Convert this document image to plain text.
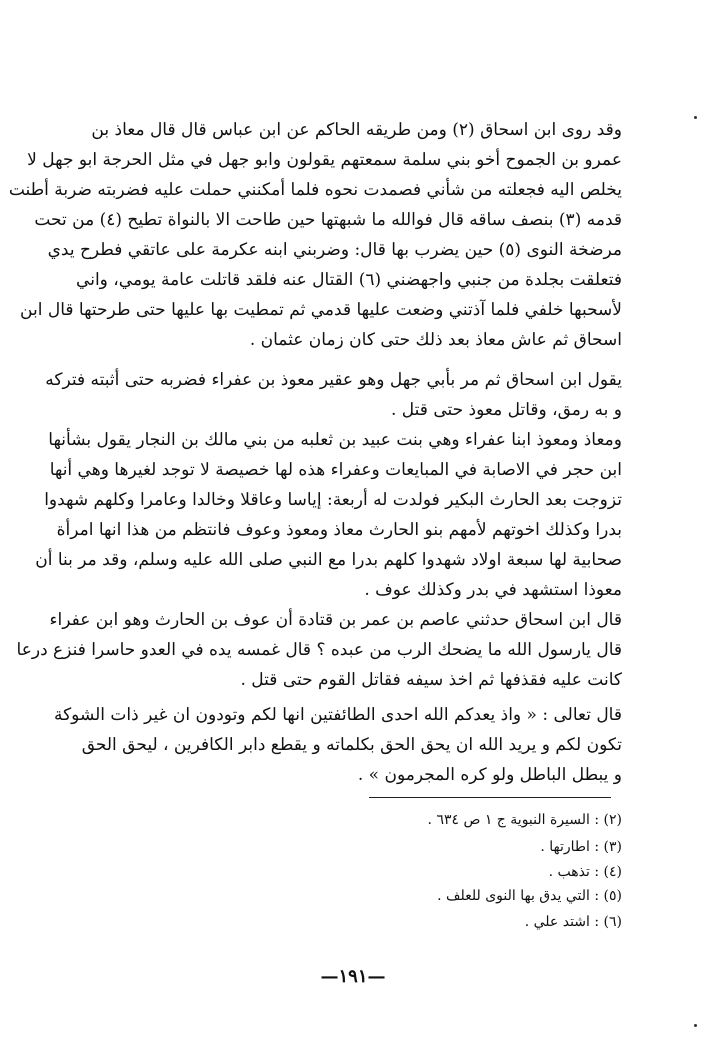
وقد روى ابن اسحاق (٢) ومن طريقه الحاكم عن ابن عباس قال قال معاذ بن
عمرو بن الجموح أخو بني سلمة سمعتهم يقولون وابو جهل في مثل الحرجة ابو جهل لا
يخلص اليه فجعلته من شأني فصمدت نحوه فلما أمكنني حملت عليه فضربته ضربة أطنت
قدمه (٣) بنصف ساقه قال فوالله ما شبهتها حين طاحت الا بالنواة تطيح (٤) من تحت
مرضخة النوى (٥) حين يضرب بها قال: وضربني ابنه عكرمة على عاتقي فطرح يدي
فتعلقت بجلدة من جنبي واجهضني (٦) القتال عنه فلقد قاتلت عامة يومي، واني
لأسحبها خلفي فلما آذتني وضعت عليها قدمي ثم تمطيت بها عليها حتى طرحتها قال ابن
اسحاق ثم عاش معاذ بعد ذلك حتى كان زمان عثمان .
يقول ابن اسحاق ثم مر بأبي جهل وهو عقير معوذ بن عفراء فضربه حتى أثبته فتركه
و به رمق، وقاتل معوذ حتى قتل .
ومعاذ ومعوذ ابنا عفراء وهي بنت عبيد بن ثعلبه من بني مالك بن النجار يقول بشأنها
ابن حجر في الاصابة في المبايعات وعفراء هذه لها خصيصة لا توجد لغيرها وهي أنها
تزوجت بعد الحارث البكير فولدت له أربعة: إياسا وعاقلا وخالدا وعامرا وكلهم شهدوا
بدرا وكذلك اخوتهم لأمهم بنو الحارث معاذ ومعوذ وعوف فانتظم من هذا انها امرأة
صحابية لها سبعة اولاد شهدوا كلهم بدرا مع النبي صلى الله عليه وسلم، وقد مر بنا أن
معوذا استشهد في بدر وكذلك عوف .
قال ابن اسحاق حدثني عاصم بن عمر بن قتادة أن عوف بن الحارث وهو ابن عفراء
قال يارسول الله ما يضحك الرب من عبده ؟ قال غمسه يده في العدو حاسرا فنزع درعا
كانت عليه فقذفها ثم اخذ سيفه فقاتل القوم حتى قتل .
قال تعالى : « واذ يعدكم الله احدى الطائفتين انها لكم وتودون ان غير ذات الشوكة
تكون لكم و يريد الله ان يحق الحق بكلماته و يقطع دابر الكافرين ، ليحق الحق
و يبطل الباطل ولو كره المجرمون » .
(٢) : السيرة النبوية ج ١ ص ٦٣٤ .
(٣) : اطارتها .
(٤) : تذهب .
(٥) : التي يدق بها النوى للعلف .
(٦) : اشتد علي .
—١٩١—
